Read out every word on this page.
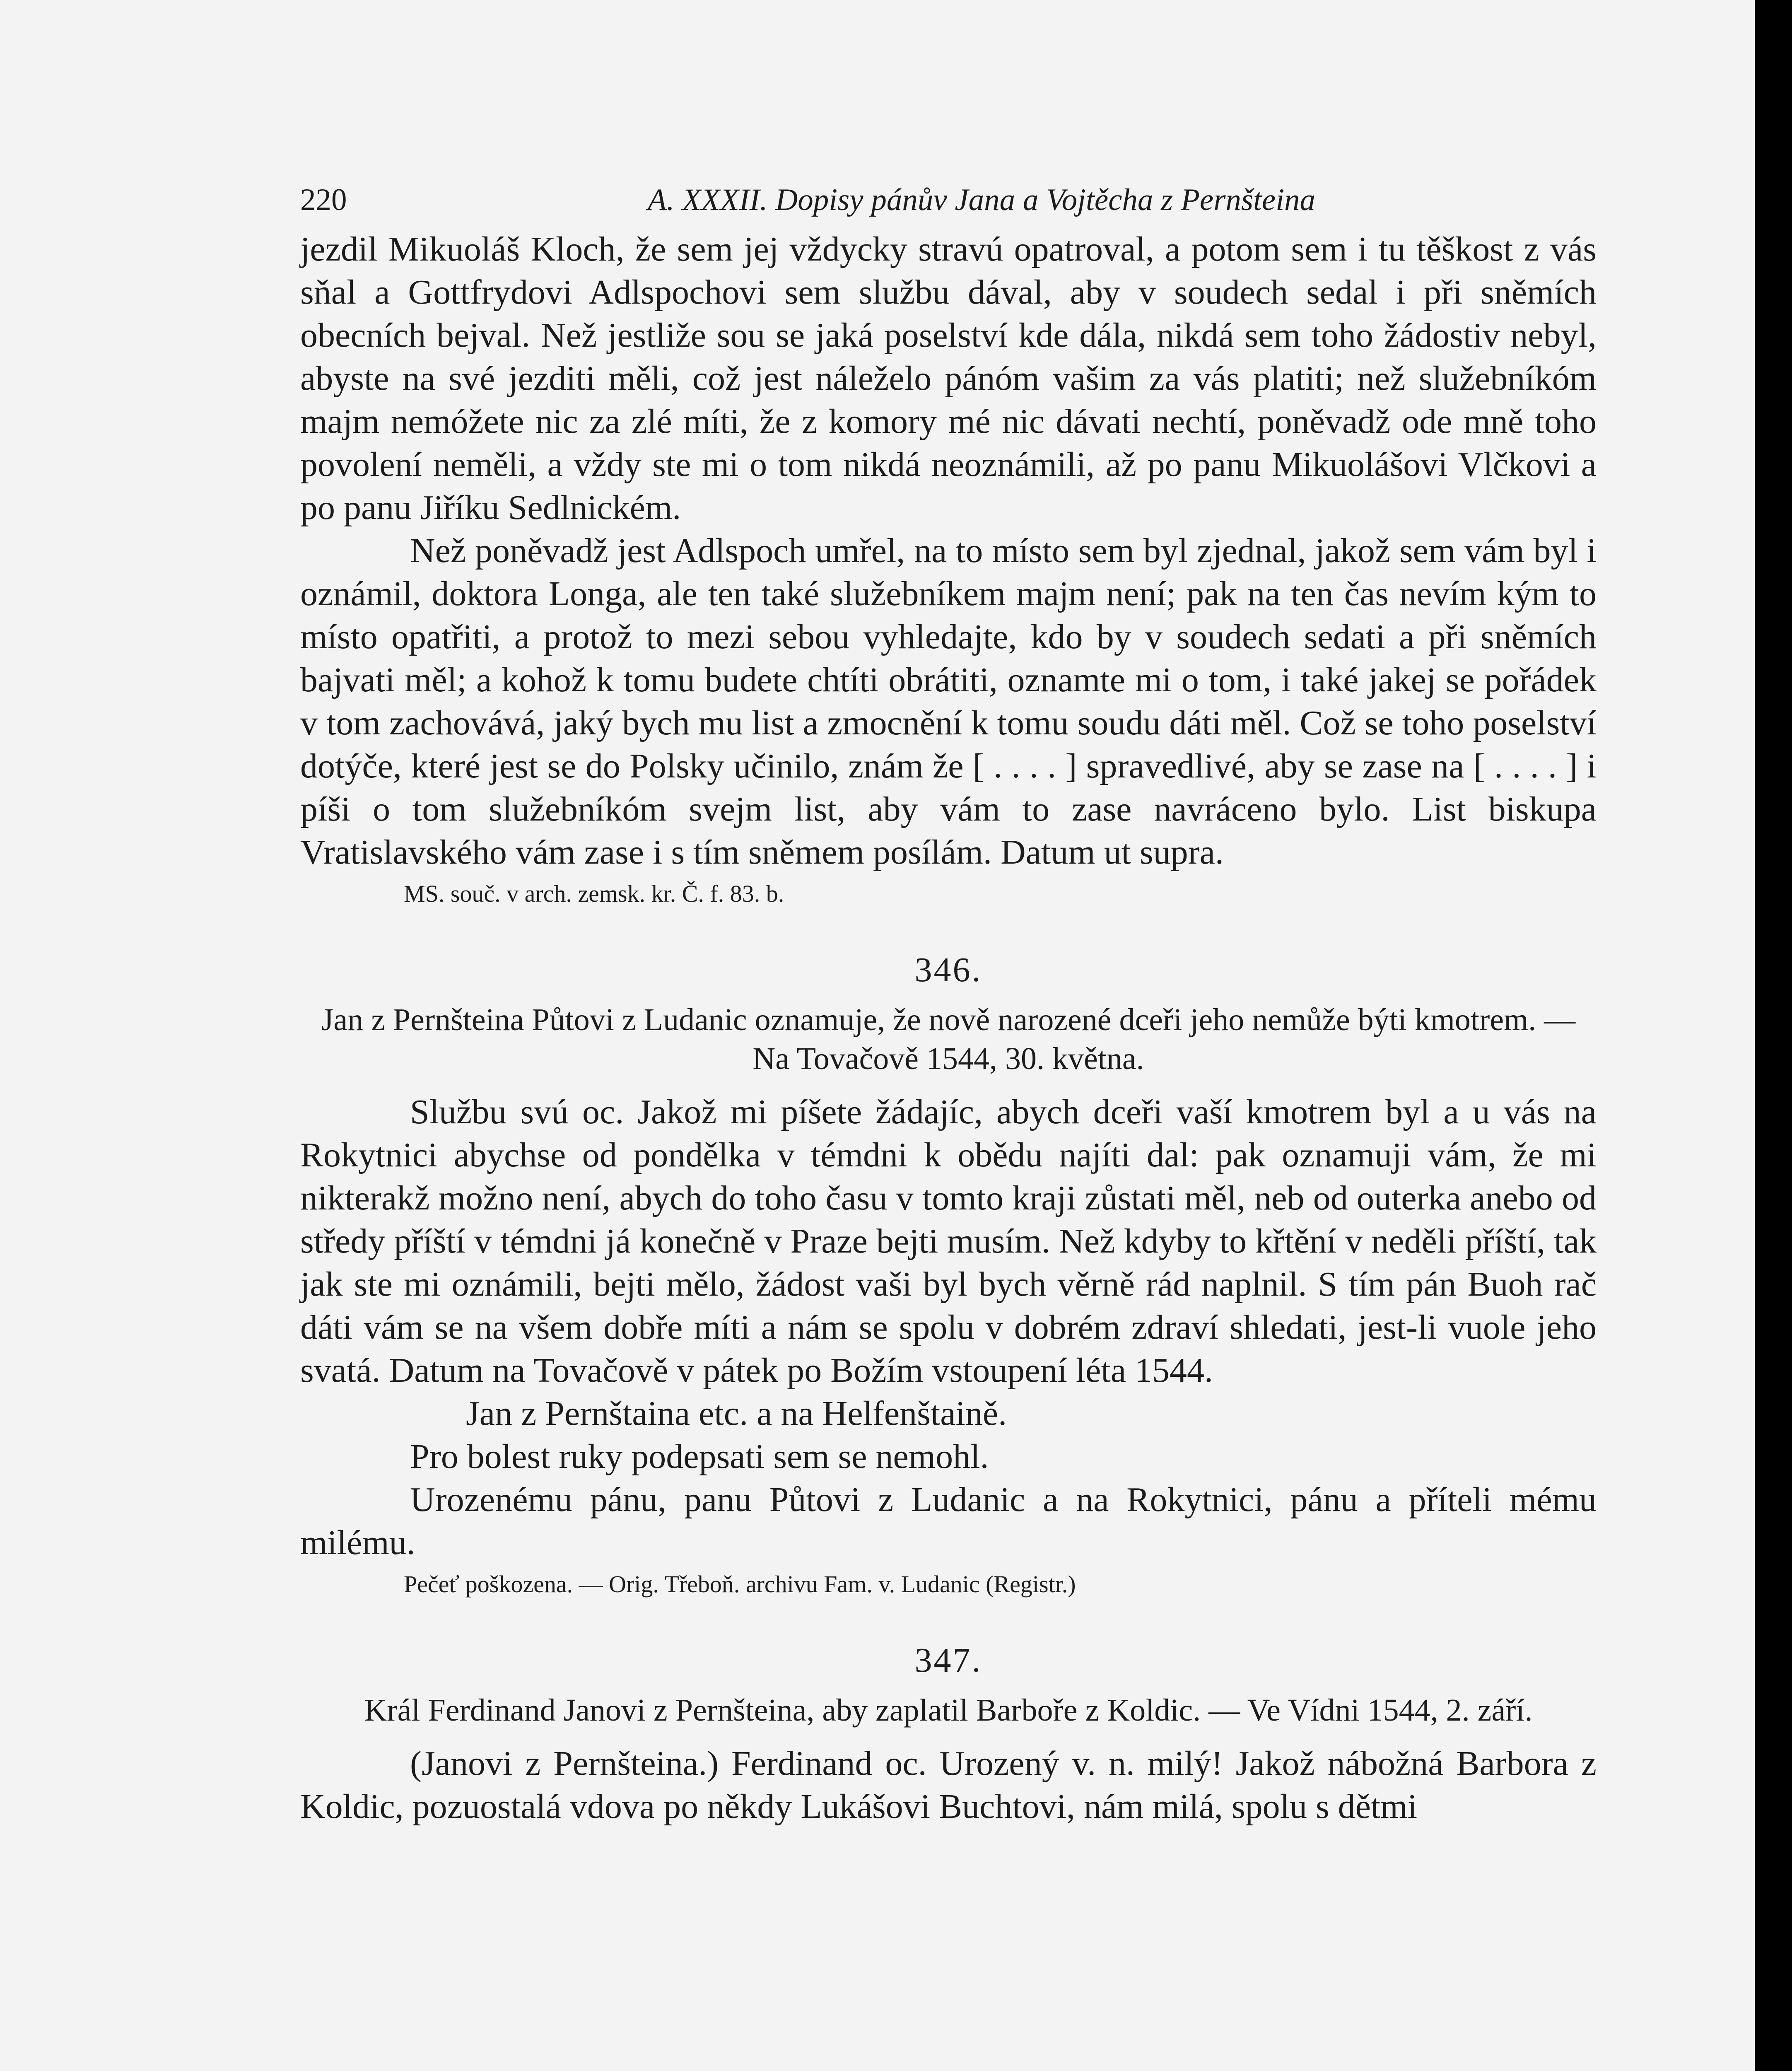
220	A. XXXII. Dopisy pánův Jana a Vojtěcha z Pernšteina

jezdil Mikuoláš Kloch, že sem jej vždycky stravú opatroval, a potom sem i tu těškost z vás sňal a Gottfrydovi Adlspochovi sem službu dával, aby v soudech sedal i při sněmích obecních bejval. Než jestliže sou se jaká poselství kde dála, nikdá sem toho žádostiv nebyl, abyste na své jezditi měli, což jest náleželo pánóm vašim za vás platiti; než služebníkóm majm nemóžete nic za zlé míti, že z komory mé nic dávati nechtí, poněvadž ode mně toho povolení neměli, a vždy ste mi o tom nikdá neoznámili, až po panu Mikuolášovi Vlčkovi a po panu Jiříku Sedlnickém.

Než poněvadž jest Adlspoch umřel, na to místo sem byl zjednal, jakož sem vám byl i oznámil, doktora Longa, ale ten také služebníkem majm není; pak na ten čas nevím kým to místo opatřiti, a protož to mezi sebou vyhledajte, kdo by v soudech sedati a při sněmích bajvati měl; a kohož k tomu budete chtíti obrátiti, oznamte mi o tom, i také jakej se pořádek v tom zachovává, jaký bych mu list a zmocnění k tomu soudu dáti měl. Což se toho poselství dotýče, které jest se do Polsky učinilo, znám že [ . . . . ] spravedlivé, aby se zase na [ . . . . ] i píši o tom služebníkóm svejm list, aby vám to zase navráceno bylo. List biskupa Vratislavského vám zase i s tím sněmem posílám. Datum ut supra.

MS. souč. v arch. zemsk. kr. Č. f. 83. b.

346.

Jan z Pernšteina Půtovi z Ludanic oznamuje, že nově narozené dceři jeho nemůže býti kmotrem. — Na Tovačově 1544, 30. května.

Službu svú oc. Jakož mi píšete žádajíc, abych dceři vaší kmotrem byl a u vás na Rokytnici abychse od pondělka v témdni k obědu najíti dal: pak oznamuji vám, že mi nikterakž možno není, abych do toho času v tomto kraji zůstati měl, neb od outerka anebo od středy příští v témdni já konečně v Praze bejti musím. Než kdyby to křtění v neděli příští, tak jak ste mi oznámili, bejti mělo, žádost vaši byl bych věrně rád naplnil. S tím pán Buoh rač dáti vám se na všem dobře míti a nám se spolu v dobrém zdraví shledati, jest-li vuole jeho svatá. Datum na Tovačově v pátek po Božím vstoupení léta 1544.

Jan z Pernštaina etc. a na Helfenštaině.

Pro bolest ruky podepsati sem se nemohl.

Urozenému pánu, panu Půtovi z Ludanic a na Rokytnici, pánu a příteli mému milému.

Pečeť poškozena. — Orig. Třeboň. archivu Fam. v. Ludanic (Registr.)

347.

Král Ferdinand Janovi z Pernšteina, aby zaplatil Barboře z Koldic. — Ve Vídni 1544, 2. září.

(Janovi z Pernšteina.) Ferdinand oc. Urozený v. n. milý! Jakož nábožná Barbora z Koldic, pozuostalá vdova po někdy Lukášovi Buchtovi, nám milá, spolu s dětmi
